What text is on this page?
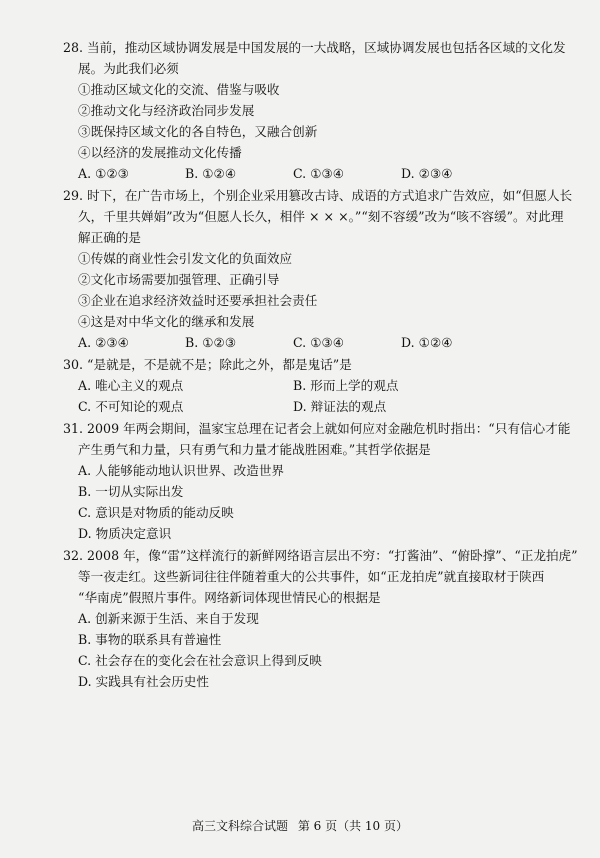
28. 当前，推动区域协调发展是中国发展的一大战略，区域协调发展也包括各区域的文化发
展。为此我们必须
①推动区域文化的交流、借鉴与吸收
②推动文化与经济政治同步发展
③既保持区域文化的各自特色，又融合创新
④以经济的发展推动文化传播
A. ①②③	B. ①②④	C. ①③④	D. ②③④
29. 时下，在广告市场上，个别企业采用篡改古诗、成语的方式追求广告效应，如“但愿人长
久，千里共婵娟”改为“但愿人长久，相伴 × × ×。”“刻不容缓”改为“咳不容缓”。对此理
解正确的是
①传媒的商业性会引发文化的负面效应
②文化市场需要加强管理、正确引导
③企业在追求经济效益时还要承担社会责任
④这是对中华文化的继承和发展
A. ②③④	B. ①②③	C. ①③④	D. ①②④
30. “是就是，不是就不是；除此之外，都是鬼话”是
A. 唯心主义的观点	B. 形而上学的观点
C. 不可知论的观点	D. 辩证法的观点
31. 2009 年两会期间，温家宝总理在记者会上就如何应对金融危机时指出：“只有信心才能
产生勇气和力量，只有勇气和力量才能战胜困难。”其哲学依据是
A. 人能够能动地认识世界、改造世界
B. 一切从实际出发
C. 意识是对物质的能动反映
D. 物质决定意识
32. 2008 年，像“雷”这样流行的新鲜网络语言层出不穷：“打酱油”、“俯卧撑”、“正龙拍虎”
等一夜走红。这些新词往往伴随着重大的公共事件，如“正龙拍虎”就直接取材于陕西
“华南虎”假照片事件。网络新词体现世情民心的根据是
A. 创新来源于生活、来自于发现
B. 事物的联系具有普遍性
C. 社会存在的变化会在社会意识上得到反映
D. 实践具有社会历史性
高三文科综合试题 第 6 页（共 10 页）
